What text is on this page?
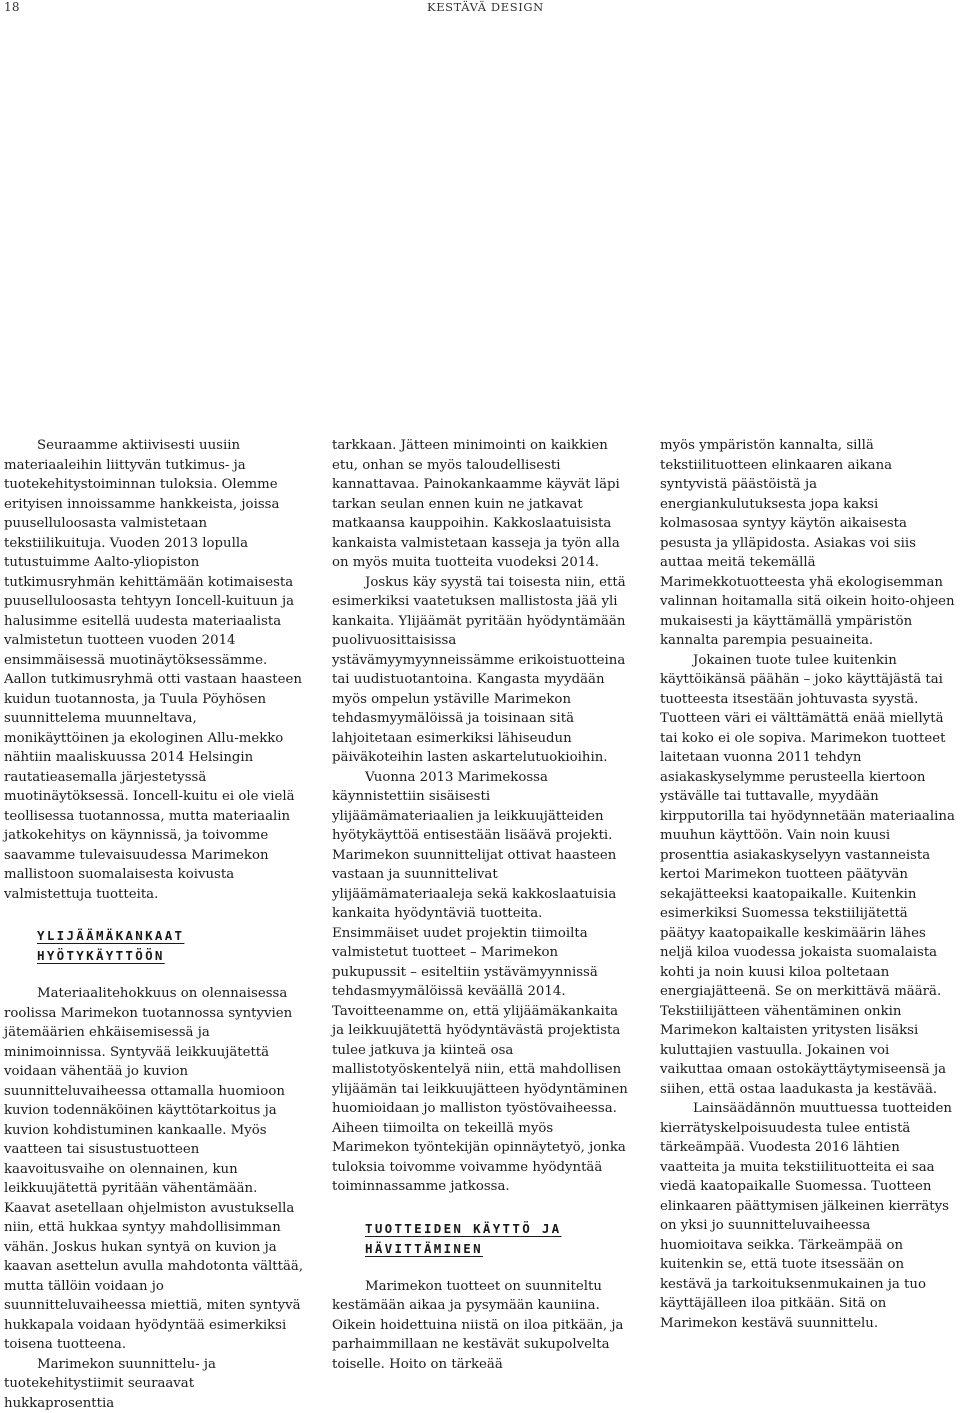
18	KESTÄVÄ DESIGN

Seuraamme aktiivisesti uusiin materiaaleihin liittyvän tutkimus- ja tuotekehitystoiminnan tuloksia. Olemme erityisen innoissamme hankkeista, joissa puuselluloosasta valmistetaan tekstiilikuituja. Vuoden 2013 lopulla tutustuimme Aalto-yliopiston tutkimusryhmän kehittämään kotimaisesta puuselluloosasta tehtyyn Ioncell-kuituun ja halusimme esitellä uudesta materiaalista valmistetun tuotteen vuoden 2014 ensimmäisessä muotinäytöksessämme. Aallon tutkimusryhmä otti vastaan haasteen kuidun tuotannosta, ja Tuula Pöyhösen suunnittelema muunneltava, monikäyttöinen ja ekologinen Allu-mekko nähtiin maaliskuussa 2014 Helsingin rautatieasemalla järjestetyssä muotinäytöksessä. Ioncell-kuitu ei ole vielä teollisessa tuotannossa, mutta materiaalin jatkokehitys on käynnissä, ja toivomme saavamme tulevaisuudessa Marimekon mallistoon suomalaisesta koivusta valmistettuja tuotteita.

YLIJÄÄMÄKANKAAT HYÖTYKÄYTTÖÖN

Materiaalitehokkuus on olennaisessa roolissa Marimekon tuotannossa syntyvien jätemäärien ehkäisemisessä ja minimoinnissa. Syntyvää leikkuujätettä voidaan vähentää jo kuvion suunnitteluvaiheessa ottamalla huomioon kuvion todennäköinen käyttötarkoitus ja kuvion kohdistuminen kankaalle. Myös vaatteen tai sisustustuotteen kaavoitusvaihe on olennainen, kun leikkuujätettä pyritään vähentämään. Kaavat asetellaan ohjelmiston avustuksella niin, että hukkaa syntyy mahdollisimman vähän. Joskus hukan syntyä on kuvion ja kaavan asettelun avulla mahdotonta välttää, mutta tällöin voidaan jo suunnitteluvaiheessa miettiä, miten syntyvä hukkapala voidaan hyödyntää esimerkiksi toisena tuotteena.

Marimekon suunnittelu- ja tuotekehitystiimit seuraavat hukkaprosenttia

tarkkaan. Jätteen minimointi on kaikkien etu, onhan se myös taloudellisesti kannattavaa. Painokankaamme käyvät läpi tarkan seulan ennen kuin ne jatkavat matkaansa kauppoihin. Kakkoslaatuisista kankaista valmistetaan kasseja ja työn alla on myös muita tuotteita vuodeksi 2014.

Joskus käy syystä tai toisesta niin, että esimerkiksi vaatetuksen mallistosta jää yli kankaita. Ylijäämät pyritään hyödyntämään puolivuosittaisissa ystävämyymyynneissämme erikoistuotteina tai uudistuotantoina. Kangasta myydään myös ompelun ystäville Marimekon tehdasmyymälöissä ja toisinaan sitä lahjoitetaan esimerkiksi lähiseudun päiväkoteihin lasten askartelutuokioihin.

Vuonna 2013 Marimekossa käynnistettiin sisäisesti ylijäämämateriaalien ja leikkuujätteiden hyötykäyttöä entisestään lisäävä projekti. Marimekon suunnittelijat ottivat haasteen vastaan ja suunnittelivat ylijäämämateriaaleja sekä kakkoslaatuisia kankaita hyödyntäviä tuotteita. Ensimmäiset uudet projektin tiimoilta valmistetut tuotteet – Marimekon pukupussit – esiteltiin ystävämyynnissä tehdasmyymälöissä keväällä 2014. Tavoitteenamme on, että ylijäämäkankaita ja leikkuujätettä hyödyntävästä projektista tulee jatkuva ja kiinteä osa mallistotyöskentelyä niin, että mahdollisen ylijäämän tai leikkuujätteen hyödyntäminen huomioidaan jo malliston työstövaiheessa. Aiheen tiimoilta on tekeillä myös Marimekon työntekijän opinnäytetyö, jonka tuloksia toivomme voivamme hyödyntää toiminnassamme jatkossa.

TUOTTEIDEN KÄYTTÖ JA HÄVITTÄMINEN

Marimekon tuotteet on suunniteltu kestämään aikaa ja pysymään kauniina. Oikein hoidettuina niistä on iloa pitkään, ja parhaimmillaan ne kestävät sukupolvelta toiselle. Hoito on tärkeää

myös ympäristön kannalta, sillä tekstiilituotteen elinkaaren aikana syntyvistä päästöistä ja energiankulutuksesta jopa kaksi kolmasosaa syntyy käytön aikaisesta pesusta ja ylläpidosta. Asiakas voi siis auttaa meitä tekemällä Marimekkotuotteesta yhä ekologisemman valinnan hoitamalla sitä oikein hoito-ohjeen mukaisesti ja käyttämällä ympäristön kannalta parempia pesuaineita.

Jokainen tuote tulee kuitenkin käyttöikänsä päähän – joko käyttäjästä tai tuotteesta itsestään johtuvasta syystä. Tuotteen väri ei välttämättä enää miellytä tai koko ei ole sopiva. Marimekon tuotteet laitetaan vuonna 2011 tehdyn asiakaskyselymme perusteella kiertoon ystävälle tai tuttavalle, myydään kirpputorilla tai hyödynnetään materiaalina muuhun käyttöön. Vain noin kuusi prosenttia asiakaskyselyyn vastanneista kertoi Marimekon tuotteen päätyvän sekajätteeksi kaatopaikalle. Kuitenkin esimerkiksi Suomessa tekstiilijätettä päätyy kaatopaikalle keskimäärin lähes neljä kiloa vuodessa jokaista suomalaista kohti ja noin kuusi kiloa poltetaan energiajätteenä. Se on merkittävä määrä. Tekstiilijätteen vähentäminen onkin Marimekon kaltaisten yritysten lisäksi kuluttajien vastuulla. Jokainen voi vaikuttaa omaan ostokäyttäytymiseensä ja siihen, että ostaa laadukasta ja kestävää.

Lainsäädännön muuttuessa tuotteiden kierrätyskelpoisuudesta tulee entistä tärkeämpää. Vuodesta 2016 lähtien vaatteita ja muita tekstiilituotteita ei saa viedä kaatopaikalle Suomessa. Tuotteen elinkaaren päättymisen jälkeinen kierrätys on yksi jo suunnitteluvaiheessa huomioitava seikka. Tärkeämpää on kuitenkin se, että tuote itsessään on kestävä ja tarkoituksenmukainen ja tuo käyttäjälleen iloa pitkään. Sitä on Marimekon kestävä suunnittelu.
